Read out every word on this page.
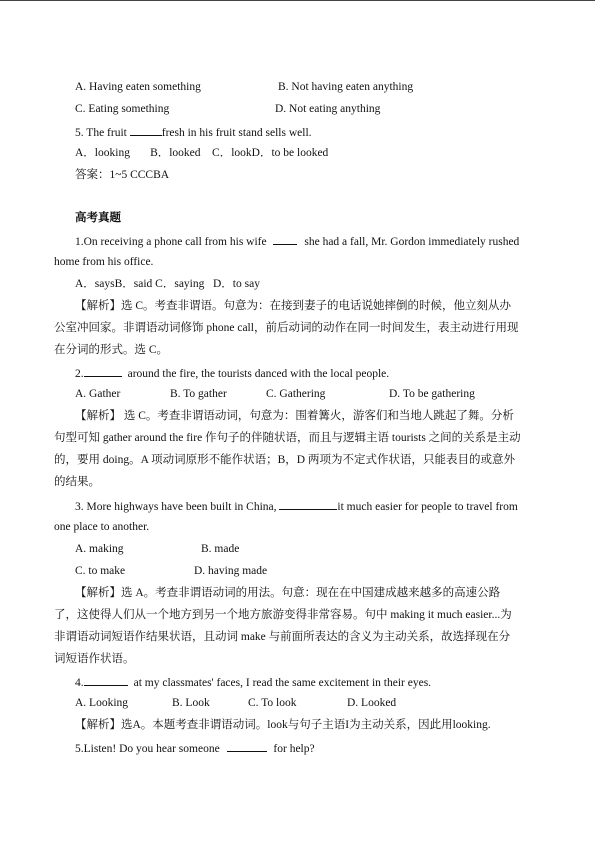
A. Having eaten something	B. Not having eaten anything
C. Eating something	D. Not eating anything
5. The fruit	fresh in his fruit stand sells well.
A．looking       B．looked    C．lookD．to be looked
答案：1~5 CCCBA
高考真题
1.On receiving a phone call from his wife	she had a fall, Mr. Gordon immediately rushed
home from his office.
A．saysB．said C．saying   D．to say
【解析】选 C。考查非谓语。句意为：在接到妻子的电话说她摔倒的时候，他立刻从办
公室冲回家。非谓语动词修饰 phone call，前后动词的动作在同一时间发生，表主动进行用现
在分词的形式。选 C。
2.	around the fire, the tourists danced with the local people.
A. Gather	B. To gather	C. Gathering	D. To be gathering
【解析】 选 C。考查非谓语动词，句意为：围着篝火，游客们和当地人跳起了舞。分析
句型可知 gather around the fire 作句子的伴随状语，而且与逻辑主语 tourists 之间的关系是主动
的，要用 doing。A 项动词原形不能作状语；B，D 两项为不定式作状语，只能表目的或意外
的结果。
3. More highways have been built in China,	it much easier for people to travel from
one place to another.
A. making	B. made
C. to make	D. having made
【解析】选 A。考查非谓语动词的用法。句意：现在在中国建成越来越多的高速公路
了，这使得人们从一个地方到另一个地方旅游变得非常容易。句中 making it much easier...为
非谓语动词短语作结果状语，且动词 make 与前面所表达的含义为主动关系，故选择现在分
词短语作状语。
4.	at my classmates' faces, I read the same excitement in their eyes.
A. Looking	B. Look	C. To look	D. Looked
【解析】选A。本题考查非谓语动词。look与句子主语I为主动关系，因此用looking.
5.Listen! Do you hear someone	for help?
